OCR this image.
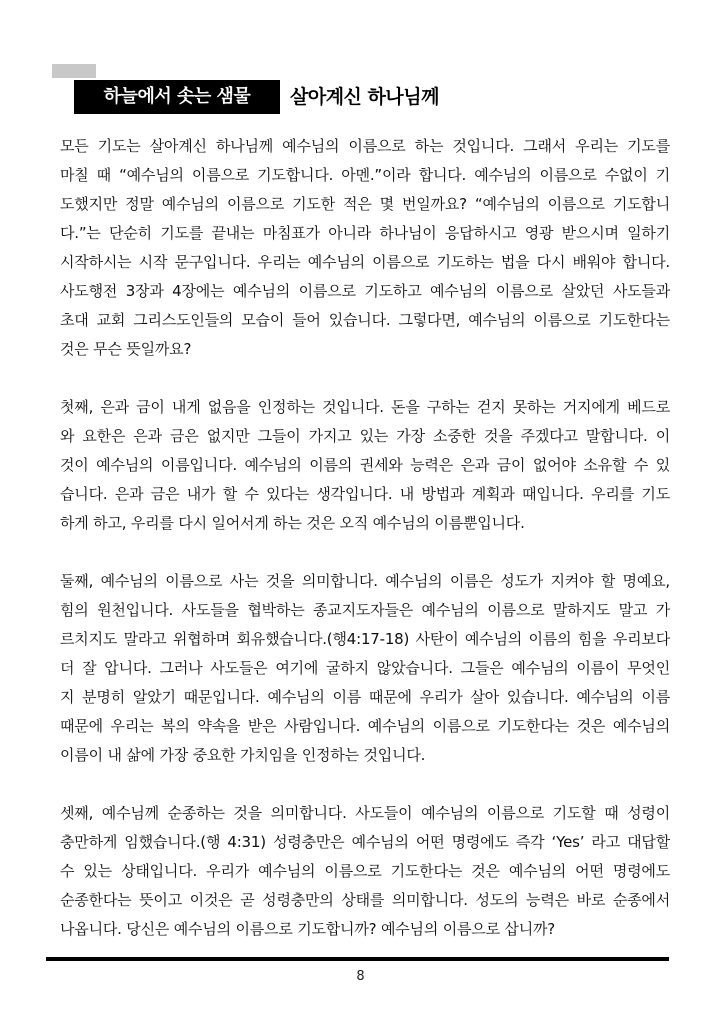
하늘에서 솟는 샘물	살아계신 하나님께
모든 기도는 살아계신 하나님께 예수님의 이름으로 하는 것입니다. 그래서 우리는 기도를
마칠 때 “예수님의 이름으로 기도합니다. 아멘.”이라 합니다. 예수님의 이름으로 수없이 기
도했지만 정말 예수님의 이름으로 기도한 적은 몇 번일까요? “예수님의 이름으로 기도합니
다.”는 단순히 기도를 끝내는 마침표가 아니라 하나님이 응답하시고 영광 받으시며 일하기
시작하시는 시작 문구입니다. 우리는 예수님의 이름으로 기도하는 법을 다시 배워야 합니다.
사도행전 3장과 4장에는 예수님의 이름으로 기도하고 예수님의 이름으로 살았던 사도들과
초대 교회 그리스도인들의 모습이 들어 있습니다. 그렇다면, 예수님의 이름으로 기도한다는
것은 무슨 뜻일까요?
첫째, 은과 금이 내게 없음을 인정하는 것입니다. 돈을 구하는 걷지 못하는 거지에게 베드로
와 요한은 은과 금은 없지만 그들이 가지고 있는 가장 소중한 것을 주겠다고 말합니다. 이
것이 예수님의 이름입니다. 예수님의 이름의 권세와 능력은 은과 금이 없어야 소유할 수 있
습니다. 은과 금은 내가 할 수 있다는 생각입니다. 내 방법과 계획과 때입니다. 우리를 기도
하게 하고, 우리를 다시 일어서게 하는 것은 오직 예수님의 이름뿐입니다.
둘째, 예수님의 이름으로 사는 것을 의미합니다. 예수님의 이름은 성도가 지켜야 할 명예요,
힘의 원천입니다. 사도들을 협박하는 종교지도자들은 예수님의 이름으로 말하지도 말고 가
르치지도 말라고 위협하며 회유했습니다.(행4:17-18) 사탄이 예수님의 이름의 힘을 우리보다
더 잘 압니다. 그러나 사도들은 여기에 굴하지 않았습니다. 그들은 예수님의 이름이 무엇인
지 분명히 알았기 때문입니다. 예수님의 이름 때문에 우리가 살아 있습니다. 예수님의 이름
때문에 우리는 복의 약속을 받은 사람입니다. 예수님의 이름으로 기도한다는 것은 예수님의
이름이 내 삶에 가장 중요한 가치임을 인정하는 것입니다.
셋째, 예수님께 순종하는 것을 의미합니다. 사도들이 예수님의 이름으로 기도할 때 성령이
충만하게 임했습니다.(행 4:31) 성령충만은 예수님의 어떤 명령에도 즉각 ‘Yes’ 라고 대답할
수 있는 상태입니다. 우리가 예수님의 이름으로 기도한다는 것은 예수님의 어떤 명령에도
순종한다는 뜻이고 이것은 곧 성령충만의 상태를 의미합니다. 성도의 능력은 바로 순종에서
나옵니다. 당신은 예수님의 이름으로 기도합니까? 예수님의 이름으로 삽니까?
8
